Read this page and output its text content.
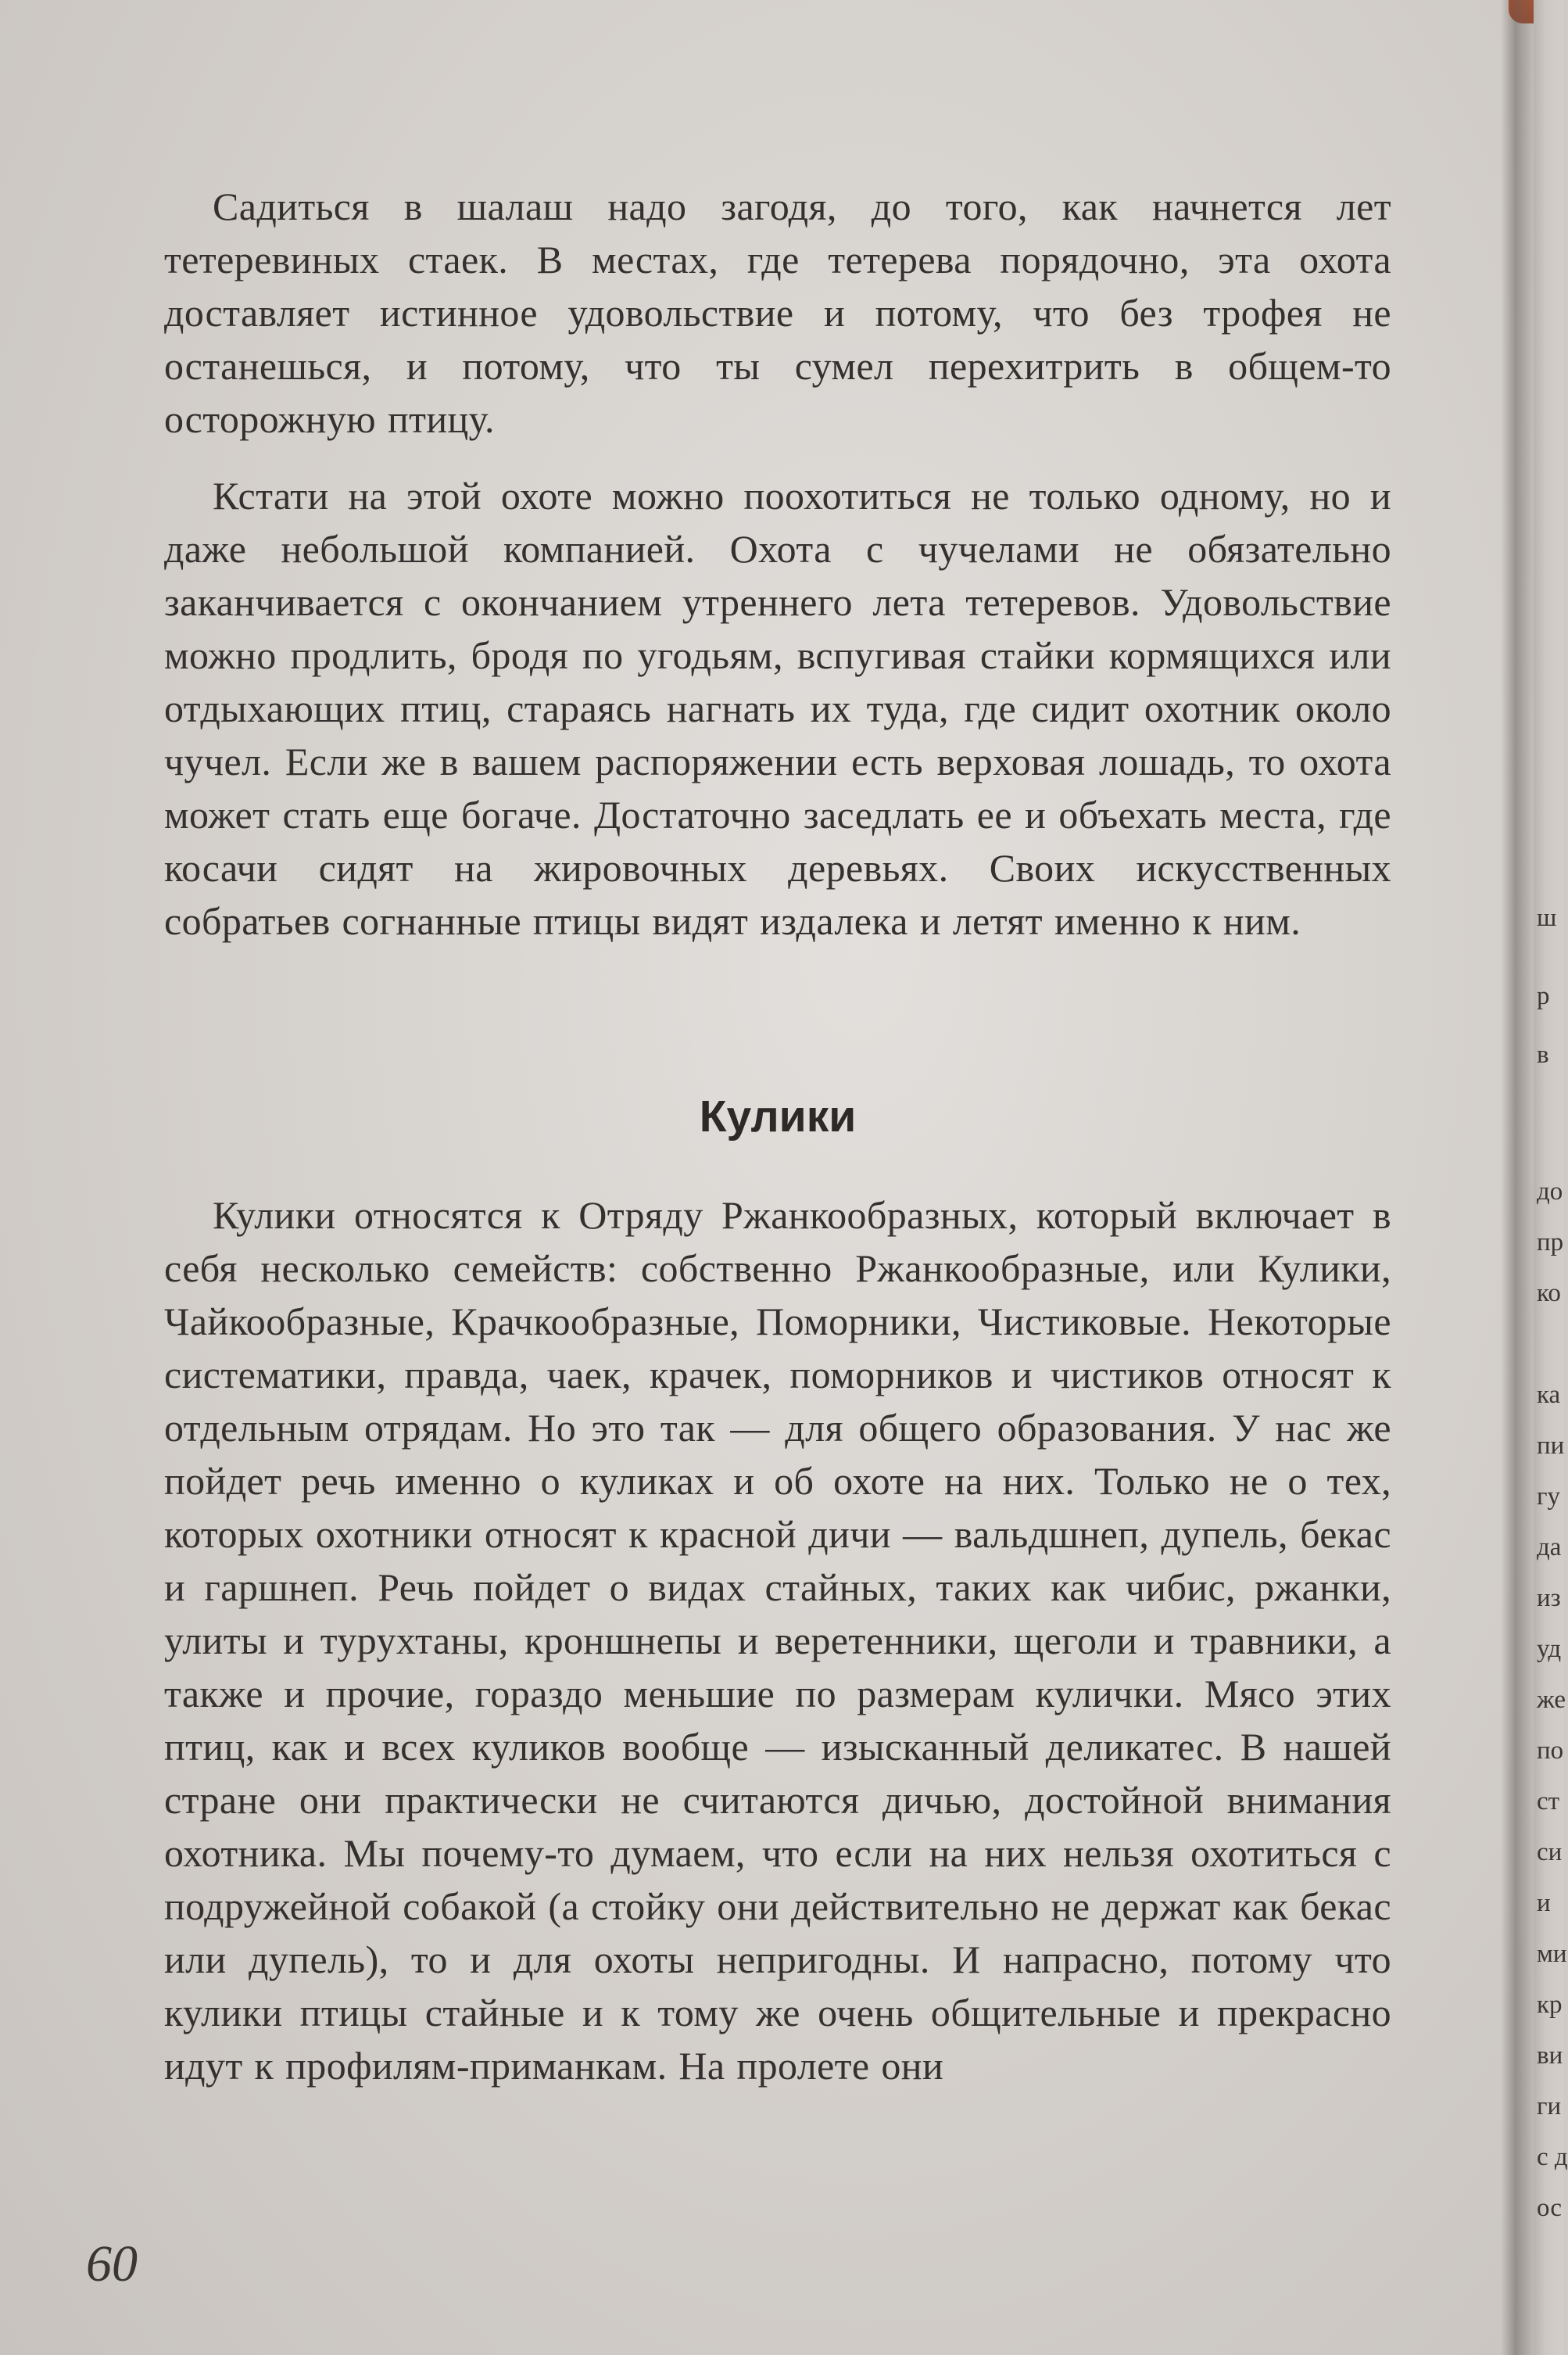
Садиться в шалаш надо загодя, до того, как начнется лет тетеревиных стаек. В местах, где тетерева порядочно, эта охота доставляет истинное удовольствие и потому, что без трофея не останешься, и потому, что ты сумел перехитрить в общем-то осторожную птицу.

Кстати на этой охоте можно поохотиться не только одному, но и даже небольшой компанией. Охота с чучелами не обязательно заканчивается с окончанием утреннего лета тетеревов. Удовольствие можно продлить, бродя по угодьям, вспугивая стайки кормящихся или отдыхающих птиц, стараясь нагнать их туда, где сидит охотник около чучел. Если же в вашем распоряжении есть верховая лошадь, то охота может стать еще богаче. Достаточно заседлать ее и объехать места, где косачи сидят на жировочных деревьях. Своих искусственных собратьев согнанные птицы видят издалека и летят именно к ним.

Кулики

Кулики относятся к Отряду Ржанкообразных, который включает в себя несколько семейств: собственно Ржанкообразные, или Кулики, Чайкообразные, Крачкообразные, Поморники, Чистиковые. Некоторые систематики, правда, чаек, крачек, поморников и чистиков относят к отдельным отрядам. Но это так — для общего образования. У нас же пойдет речь именно о куликах и об охоте на них. Только не о тех, которых охотники относят к красной дичи — вальдшнеп, дупель, бекас и гаршнеп. Речь пойдет о видах стайных, таких как чибис, ржанки, улиты и турухтаны, кроншнепы и веретенники, щеголи и травники, а также и прочие, гораздо меньшие по размерам кулички. Мясо этих птиц, как и всех куликов вообще — изысканный деликатес. В нашей стране они практически не считаются дичью, достойной внимания охотника. Мы почему-то думаем, что если на них нельзя охотиться с подружейной собакой (а стойку они действительно не держат как бекас или дупель), то и для охоты непригодны. И напрасно, потому что кулики птицы стайные и к тому же очень общительные и прекрасно идут к профилям-приманкам. На пролете они

60

ш
р
в
до
пр
ко
ка
пи
гу
да
из
уд
же
по
ст
си
и
ми
кр
ви
ги
с д
ос
